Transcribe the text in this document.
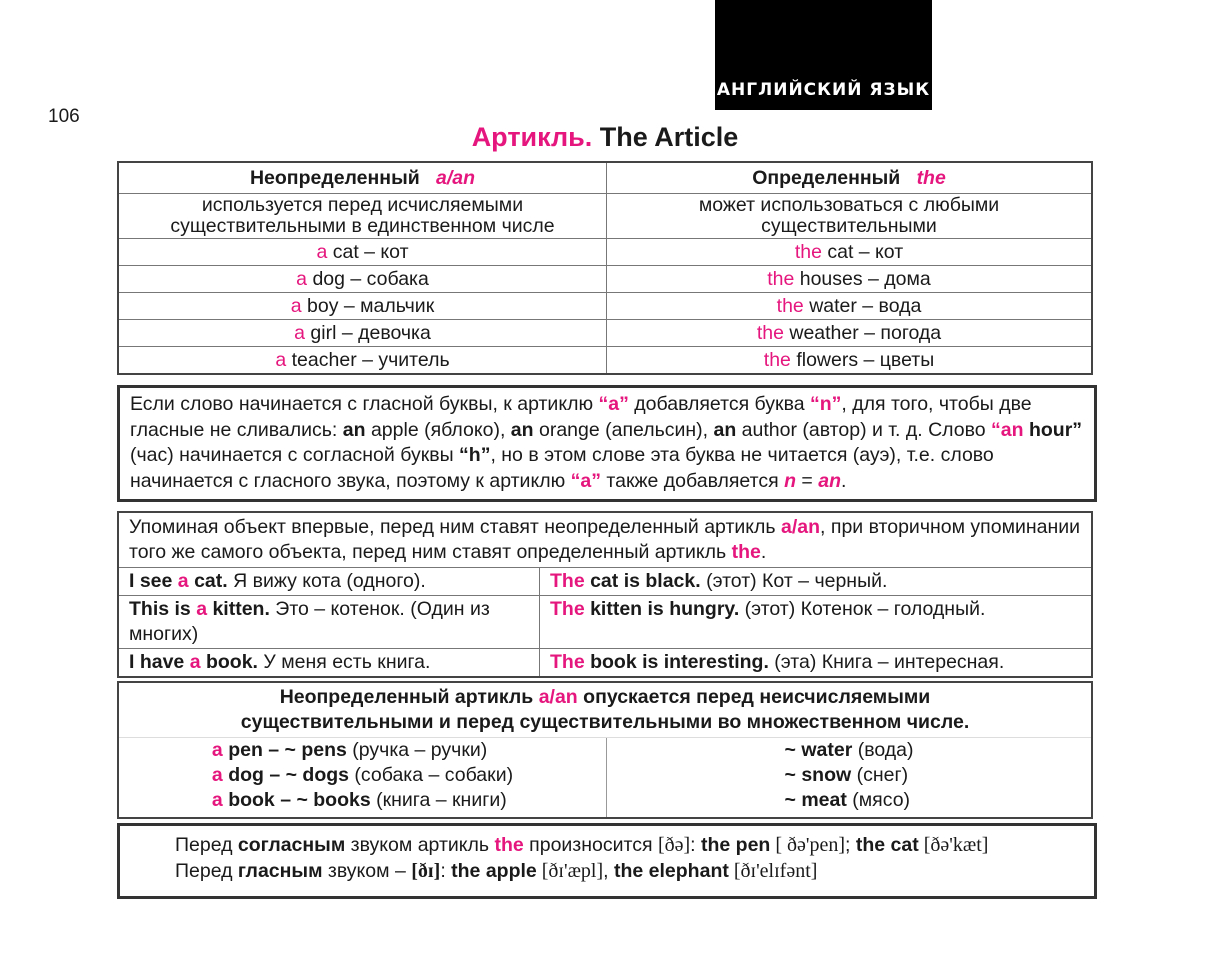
АНГЛИЙСКИЙ ЯЗЫК
106
Артикль. The Article
Неопределенный a/an	Определенный the
используется перед исчисляемыми существительными в единственном числе	может использоваться с любыми существительными
a cat – кот	the cat – кот
a dog – собака	the houses – дома
a boy – мальчик	the water – вода
a girl – девочка	the weather – погода
a teacher – учитель	the flowers – цветы
Если слово начинается с гласной буквы, к артиклю “a” добавляется буква “n”, для того, чтобы две гласные не сливались: an apple (яблоко), an orange (апельсин), an author (автор) и т. д. Слово “an hour” (час) начинается с согласной буквы “h”, но в этом слове эта буква не читается (ауэ), т.е. слово начинается с гласного звука, поэтому к артиклю “a” также добавляется n = an.
Упоминая объект впервые, перед ним ставят неопределенный артикль a/an, при вторичном упоминании того же самого объекта, перед ним ставят определенный артикль the.	
I see a cat. Я вижу кота (одного).	The cat is black. (этот) Кот – черный.
This is a kitten. Это – котенок. (Один из многих)	The kitten is hungry. (этот) Котенок – голодный.
I have a book. У меня есть книга.	The book is interesting. (эта) Книга – интересная.
Неопределенный артикль a/an опускается перед неисчисляемыми существительными и перед существительными во множественном числе.

a pen – ~ pens (ручка – ручки)
a dog – ~ dogs (собака – собаки)
a book – ~ books (книга – книги)

~ water (вода)
~ snow (снег)
~ meat (мясо)
Перед согласным звуком артикль the произносится [ðə]: the pen [ ðə'pen]; the cat [ðə'kæt]
Перед гласным звуком – [ðɪ]: the apple [ðɪ'æpl], the elephant [ðɪ'elɪfənt]
